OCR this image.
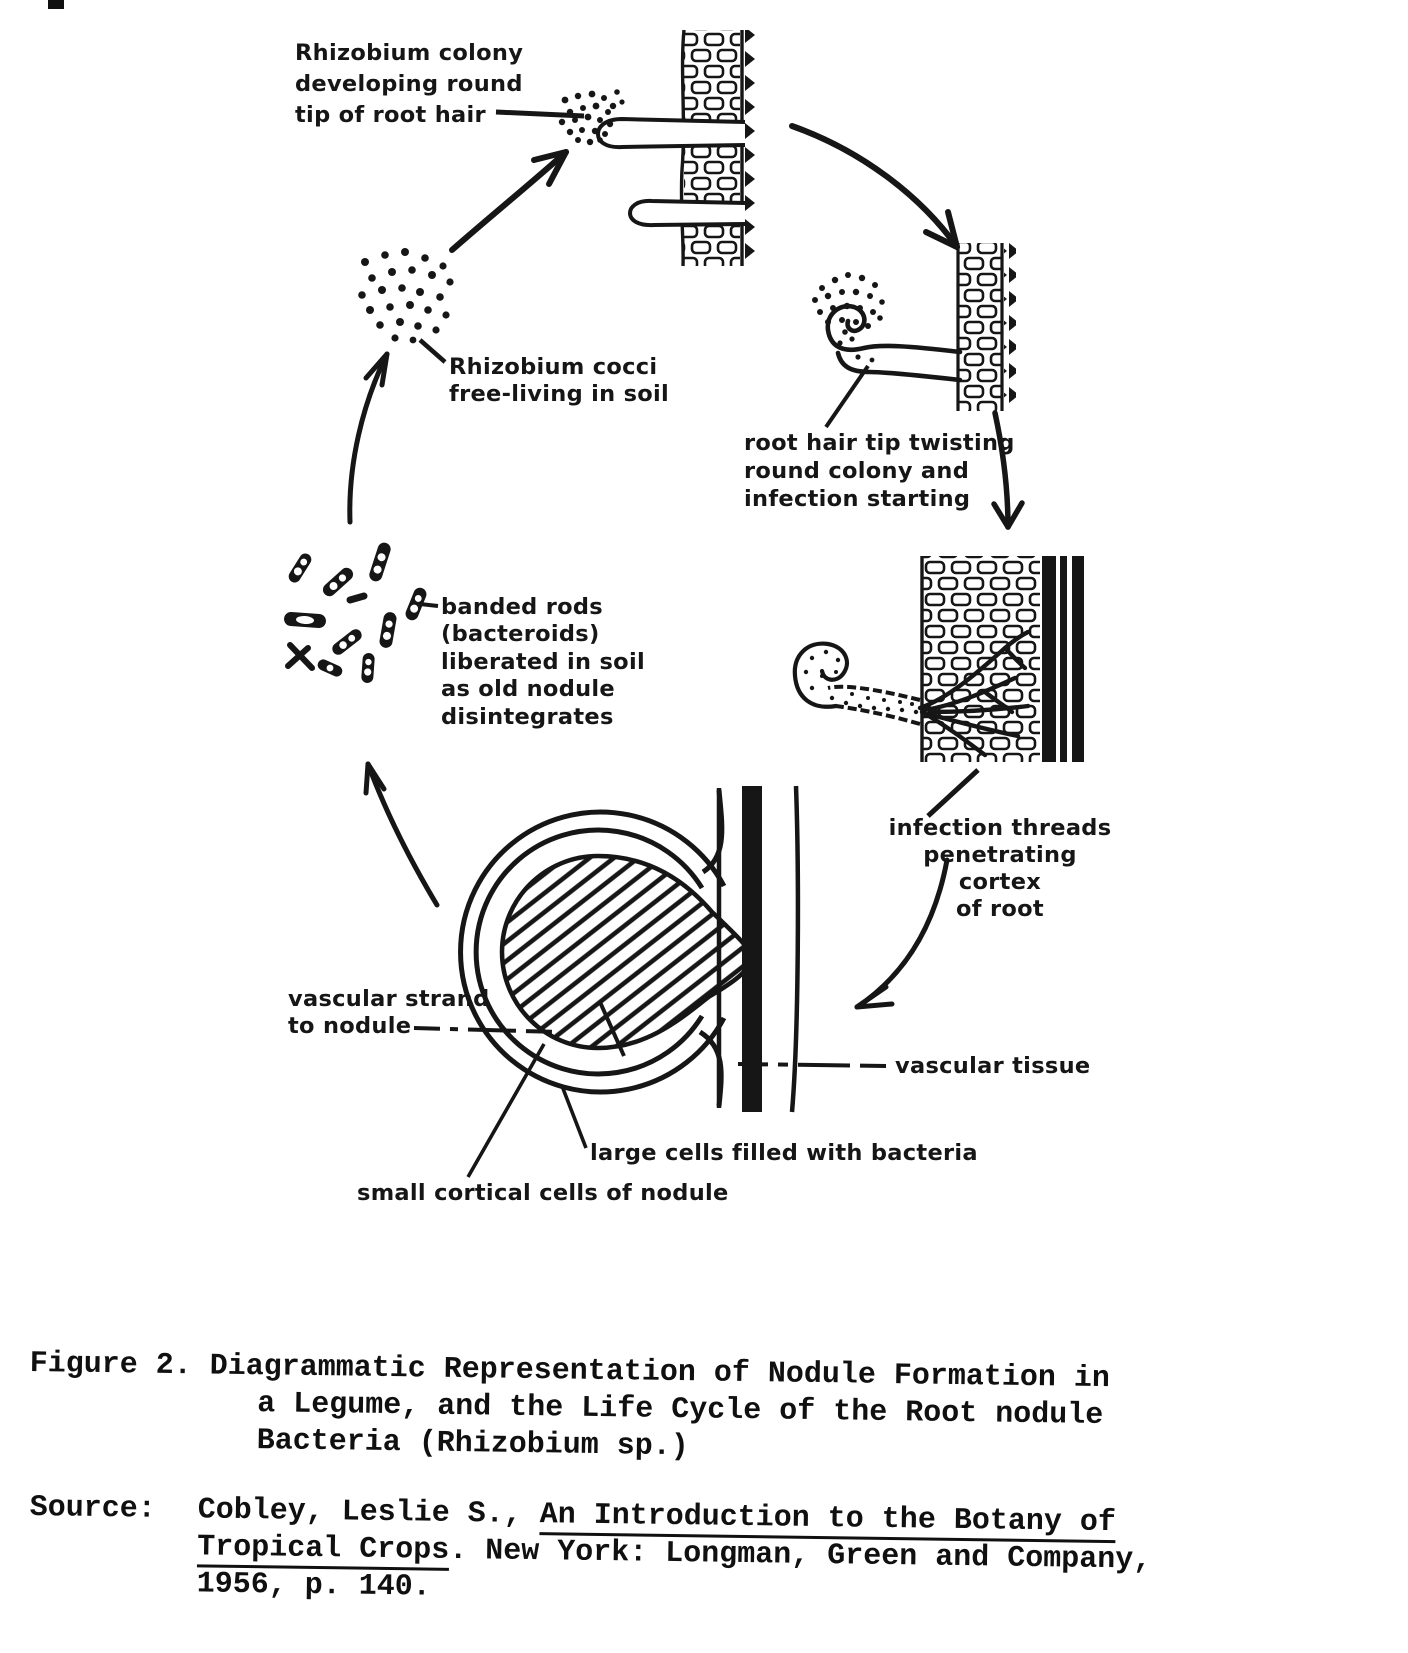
Rhizobium colony
developing round
tip of root hair
root hair tip twisting
round colony and
infection starting
infection threads
penetrating
cortex
of root
vascular strand
to nodule
vascular tissue
large cells filled with bacteria
small cortical cells of nodule
banded rods
(bacteroids)
liberated in soil
as old nodule
disintegrates
Rhizobium cocci
free-living in soil
Figure 2. Diagrammatic Representation of Nodule Formation in
a Legume, and the Life Cycle of the Root nodule
Bacteria (Rhizobium sp.)
Source: Cobley, Leslie S., An Introduction to the Botany of
Tropical Crops. New York: Longman, Green and Company,
1956, p. 140.
